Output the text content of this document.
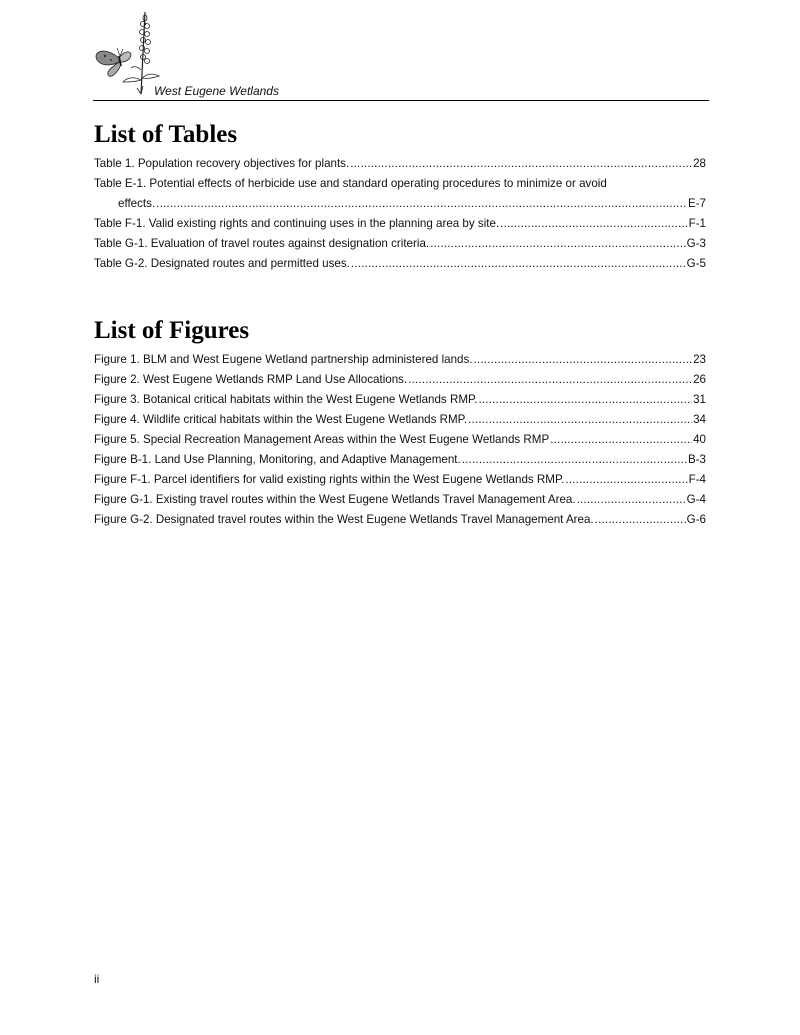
West Eugene Wetlands
List of Tables
Table 1. Population recovery objectives for plants. .....	28
Table E-1. Potential effects of herbicide use and standard operating procedures to minimize or avoid
effects. .....	E-7
Table F-1. Valid existing rights and continuing uses in the planning area by site. .....	F-1
Table G-1. Evaluation of travel routes against designation criteria. .....	G-3
Table G-2. Designated routes and permitted uses. .....	G-5
List of Figures
Figure 1. BLM and West Eugene Wetland partnership administered lands. .....	23
Figure 2. West Eugene Wetlands RMP Land Use Allocations. .....	26
Figure 3. Botanical critical habitats within the West Eugene Wetlands RMP. .....	31
Figure 4. Wildlife critical habitats within the West Eugene Wetlands RMP. .....	34
Figure 5. Special Recreation Management Areas within the West Eugene Wetlands RMP .....	40
Figure B-1. Land Use Planning, Monitoring, and Adaptive Management. .....	B-3
Figure F-1. Parcel identifiers for valid existing rights within the West Eugene Wetlands RMP. .....	F-4
Figure G-1. Existing travel routes within the West Eugene Wetlands Travel Management Area. .....	G-4
Figure G-2. Designated travel routes within the West Eugene Wetlands Travel Management Area. .....	G-6
ii
